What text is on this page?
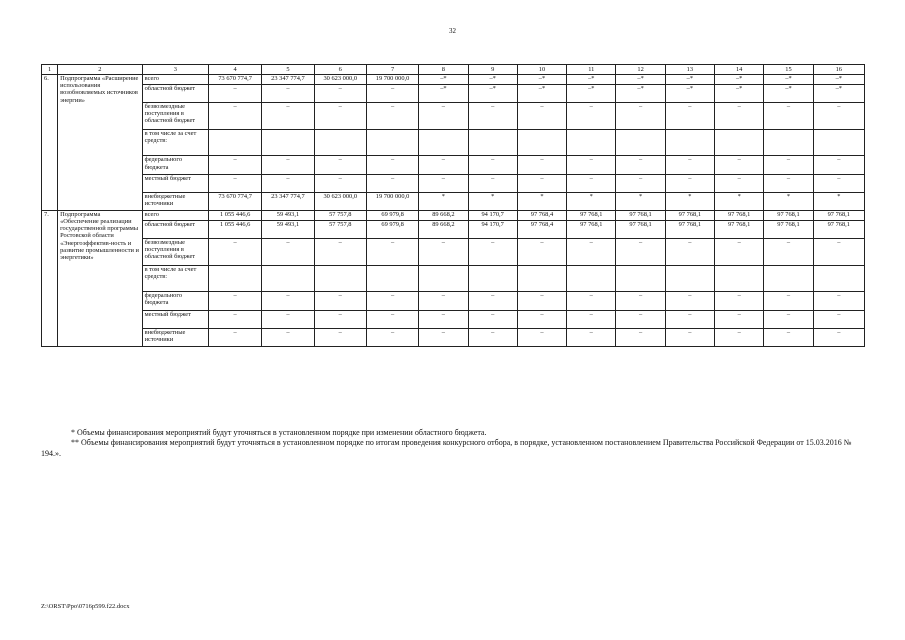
32
1	2	3	4	5	6	7	8	9	10	11	12	13	14	15	16
6.	Подпрограмма «Расширение использования возобновляемых источников энергии»	всего	73 670 774,7	23 347 774,7	30 623 000,0	19 700 000,0	–*	–*	–*	–*	–*	–*	–*	–*	–*
		областной бюджет	–	–	–	–	–*	–*	–*	–*	–*	–*	–*	–*	–*
		безвозмездные поступления в областной бюджет	–	–	–	–	–	–	–	–	–	–	–	–	–
		в том числе за счет средств:													
		федерального бюджета	–	–	–	–	–	–	–	–	–	–	–	–	–
		местный бюджет	–	–	–	–	–	–	–	–	–	–	–	–	–
		внебюджетные источники	73 670 774,7	23 347 774,7	30 623 000,0	19 700 000,0	*	*	*	*	*	*	*	*	*
7.	Подпрограмма «Обеспечение реализации государственной программы Ростовской области «Энергоэффектив-ность и развитие промышленности и энергетики»	всего	1 055 446,6	59 493,1	57 757,8	69 979,8	89 668,2	94 170,7	97 768,4	97 768,1	97 768,1	97 768,1	97 768,1	97 768,1	97 768,1
		областной бюджет	1 055 446,6	59 493,1	57 757,8	69 979,8	89 668,2	94 170,7	97 768,4	97 768,1	97 768,1	97 768,1	97 768,1	97 768,1	97 768,1
		безвозмездные поступления в областной бюджет	–	–	–	–	–	–	–	–	–	–	–	–	–
		в том числе за счет средств:													
		федерального бюджета	–	–	–	–	–	–	–	–	–	–	–	–	–
		местный бюджет	–	–	–	–	–	–	–	–	–	–	–	–	–
		внебюджетные источники	–	–	–	–	–	–	–	–	–	–	–	–	–

* Объемы финансирования мероприятий будут уточняться в установленном порядке при изменении областного бюджета.

** Объемы финансирования мероприятий будут уточняться в установленном порядке по итогам проведения конкурсного отбора, в порядке, установленном постановлением Правительства Российской Федерации от 15.03.2016 № 194.».

Z:\ORST\Ppo\0716p599.f22.docx
